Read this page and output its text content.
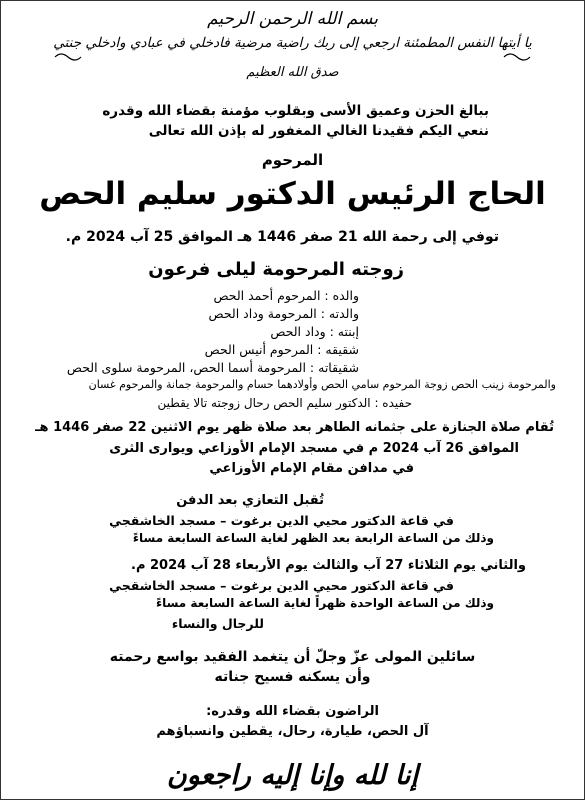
بسم الله الرحمن الرحيم
يا أيتها النفس المطمئنة ارجعي إلى ربك راضية مرضية فادخلي في عبادي وادخلي جنتي
صدق الله العظيم
ببالغ الحزن وعميق الأسى وبقلوب مؤمنة بقضاء الله وقدره
ننعي اليكم فقيدنا الغالي المغفور له بإذن الله تعالى
المرحوم
الحاج الرئيس الدكتور سليم الحص
توفي إلى رحمة الله 21 صفر 1446 هـ الموافق 25 آب 2024 م.
زوجته المرحومة ليلى فرعون
والده : المرحوم أحمد الحص
والدته : المرحومة وداد الحص
إبنته : وداد الحص
شقيقه : المرحوم أنيس الحص
شقيقاته : المرحومة أسما الحص، المرحومة سلوى الحص
والمرحومة زينب الحص زوجة المرحوم سامي الحص وأولادهما حسام والمرحومة جمانة والمرحوم غسان
حفيده : الدكتور سليم الحص رحال زوجته تالا يقطين
تُقام صلاة الجنازة على جثمانه الطاهر بعد صلاة ظهر يوم الاثنين 22 صفر 1446 هـ
الموافق 26 آب 2024 م في مسجد الإمام الأوزاعي ويوارى الثرى
في مدافن مقام الإمام الأوزاعي
تُقبل التعازي بعد الدفن
في قاعة الدكتور محيي الدين برغوت – مسجد الخاشقجي
وذلك من الساعة الرابعة بعد الظهر لغاية الساعة السابعة مساءً
والثاني يوم الثلاثاء 27 آب والثالث يوم الأربعاء 28 آب 2024 م.
في قاعة الدكتور محيي الدين برغوت – مسجد الخاشقجي
وذلك من الساعة الواحدة ظهراً لغاية الساعة السابعة مساءً
للرجال والنساء
سائلين المولى عزّ وجلّ أن يتغمد الفقيد بواسع رحمته
وأن يسكنه فسيح جناته
الراضون بقضاء الله وقدره:
آل الحص، طيارة، رحال، يقطين وانسباؤهم
إنا لله وإنا إليه راجعون
